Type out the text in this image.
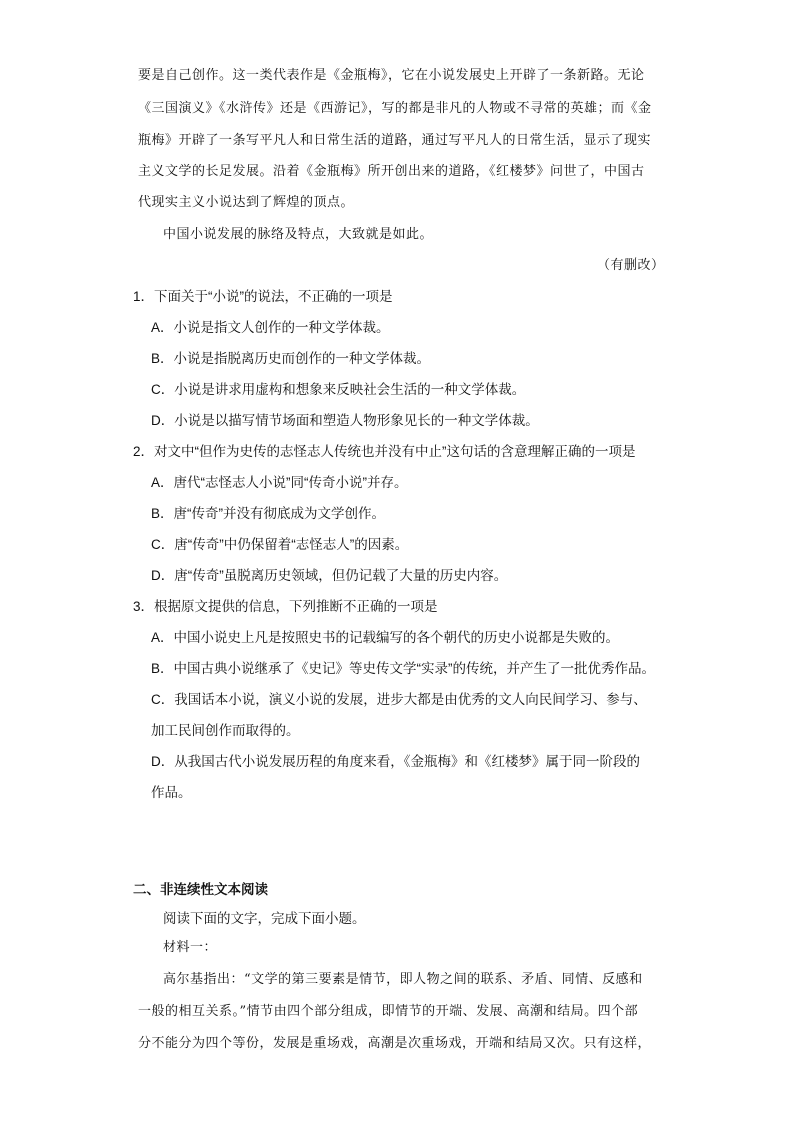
要是自己创作。这一类代表作是《金瓶梅》，它在小说发展史上开辟了一条新路。无论
《三国演义》《水浒传》还是《西游记》，写的都是非凡的人物或不寻常的英雄；而《金
瓶梅》开辟了一条写平凡人和日常生活的道路，通过写平凡人的日常生活，显示了现实
主义文学的长足发展。沿着《金瓶梅》所开创出来的道路，《红楼梦》问世了，中国古
代现实主义小说达到了辉煌的顶点。
中国小说发展的脉络及特点，大致就是如此。
（有删改）
1．下面关于“小说”的说法，不正确的一项是
A．小说是指文人创作的一种文学体裁。
B．小说是指脱离历史而创作的一种文学体裁。
C．小说是讲求用虚构和想象来反映社会生活的一种文学体裁。
D．小说是以描写情节场面和塑造人物形象见长的一种文学体裁。
2．对文中“但作为史传的志怪志人传统也并没有中止”这句话的含意理解正确的一项是
A．唐代“志怪志人小说”同“传奇小说”并存。
B．唐“传奇”并没有彻底成为文学创作。
C．唐“传奇”中仍保留着“志怪志人”的因素。
D．唐“传奇”虽脱离历史领域，但仍记载了大量的历史内容。
3．根据原文提供的信息，下列推断不正确的一项是
A．中国小说史上凡是按照史书的记载编写的各个朝代的历史小说都是失败的。
B．中国古典小说继承了《史记》等史传文学“实录”的传统，并产生了一批优秀作品。
C．我国话本小说，演义小说的发展，进步大都是由优秀的文人向民间学习、参与、
加工民间创作而取得的。
D．从我国古代小说发展历程的角度来看，《金瓶梅》和《红楼梦》属于同一阶段的
作品。
二、非连续性文本阅读
阅读下面的文字，完成下面小题。
材料一：
高尔基指出：“文学的第三要素是情节，即人物之间的联系、矛盾、同情、反感和
一般的相互关系。”情节由四个部分组成，即情节的开端、发展、高潮和结局。四个部
分不能分为四个等份，发展是重场戏，高潮是次重场戏，开端和结局又次。只有这样，
